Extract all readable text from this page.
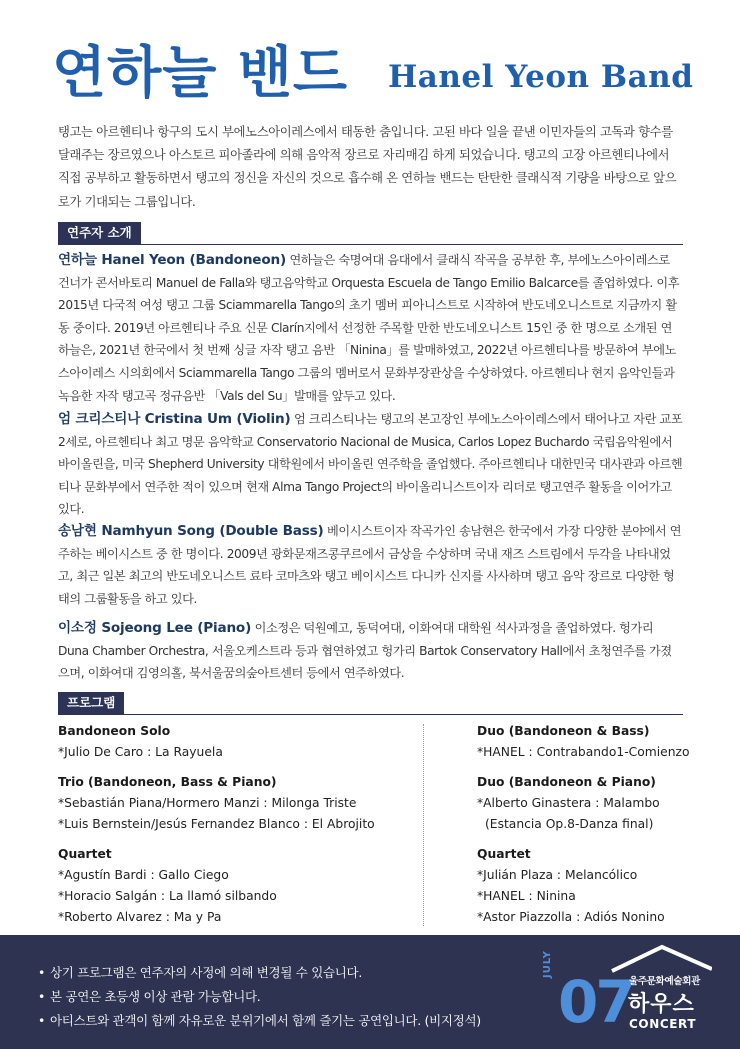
연하늘 밴드 Hanel Yeon Band
탱고는 아르헨티나 항구의 도시 부에노스아이레스에서 태동한 춤입니다. 고된 바다 일을 끝낸 이민자들의 고독과 향수를 달래주는 장르였으나 아스토르 피아졸라에 의해 음악적 장르로 자리매김 하게 되었습니다. 탱고의 고장 아르헨티나에서 직접 공부하고 활동하면서 탱고의 정신을 자신의 것으로 흡수해 온 연하늘 밴드는 탄탄한 클래식적 기량을 바탕으로 앞으로가 기대되는 그룹입니다.
연주자 소개
연하늘 Hanel Yeon (Bandoneon) 연하늘은 숙명여대 음대에서 클래식 작곡을 공부한 후, 부에노스아이레스로 건너가 콘서바토리 Manuel de Falla와 탱고음악학교 Orquesta Escuela de Tango Emilio Balcarce를 졸업하였다. 이후 2015년 다국적 여성 탱고 그룹 Sciammarella Tango의 초기 멤버 피아니스트로 시작하여 반도네오니스트로 지금까지 활동 중이다. 2019년 아르헨티나 주요 신문 Clarín지에서 선정한 주목할 만한 반도네오니스트 15인 중 한 명으로 소개된 연하늘은, 2021년 한국에서 첫 번째 싱글 자작 탱고 음반 「Ninina」를 발매하였고, 2022년 아르헨티나를 방문하여 부에노스아이레스 시의회에서 Sciammarella Tango 그룹의 멤버로서 문화부장관상을 수상하였다. 아르헨티나 현지 음악인들과 녹음한 자작 탱고곡 정규음반 「Vals del Su」발매를 앞두고 있다.
엄 크리스티나 Cristina Um (Violin) 엄 크리스티나는 탱고의 본고장인 부에노스아이레스에서 태어나고 자란 교포 2세로, 아르헨티나 최고 명문 음악학교 Conservatorio Nacional de Musica, Carlos Lopez Buchardo 국립음악원에서 바이올린을, 미국 Shepherd University 대학원에서 바이올린 연주학을 졸업했다. 주아르헨티나 대한민국 대사관과 아르헨티나 문화부에서 연주한 적이 있으며 현재 Alma Tango Project의 바이올리니스트이자 리더로 탱고연주 활동을 이어가고 있다.
송남현 Namhyun Song (Double Bass) 베이시스트이자 작곡가인 송남현은 한국에서 가장 다양한 분야에서 연주하는 베이시스트 중 한 명이다. 2009년 광화문재즈콩쿠르에서 금상을 수상하며 국내 재즈 스트림에서 두각을 나타내었고, 최근 일본 최고의 반도네오니스트 료타 코마츠와 탱고 베이시스트 다니카 신지를 사사하며 탱고 음악 장르로 다양한 형태의 그룹활동을 하고 있다.
이소정 Sojeong Lee (Piano) 이소정은 덕원예고, 동덕여대, 이화여대 대학원 석사과정을 졸업하였다. 헝가리 Duna Chamber Orchestra, 서울오케스트라 등과 협연하였고 헝가리 Bartok Conservatory Hall에서 초청연주를 가졌으며, 이화여대 김영의홀, 북서울꿈의숲아트센터 등에서 연주하였다.
프로그램
Bandoneon Solo
*Julio De Caro : La Rayuela
Trio (Bandoneon, Bass & Piano)
*Sebastián Piana/Hormero Manzi : Milonga Triste
*Luis Bernstein/Jesús Fernandez Blanco : El Abrojito
Quartet
*Agustín Bardi : Gallo Ciego
*Horacio Salgán : La llamó silbando
*Roberto Alvarez : Ma y Pa
Duo (Bandoneon & Bass)
*HANEL : Contrabando1-Comienzo
Duo (Bandoneon & Piano)
*Alberto Ginastera : Malambo
(Estancia Op.8-Danza final)
Quartet
*Julián Plaza : Melancólico
*HANEL : Ninina
*Astor Piazzolla : Adiós Nonino
• 상기 프로그램은 연주자의 사정에 의해 변경될 수 있습니다.
• 본 공연은 초등생 이상 관람 가능합니다.
• 아티스트와 관객이 함께 자유로운 분위기에서 함께 즐기는 공연입니다. (비지정석)
JULY
07
울주문화예술회관
하우스
CONCERT
